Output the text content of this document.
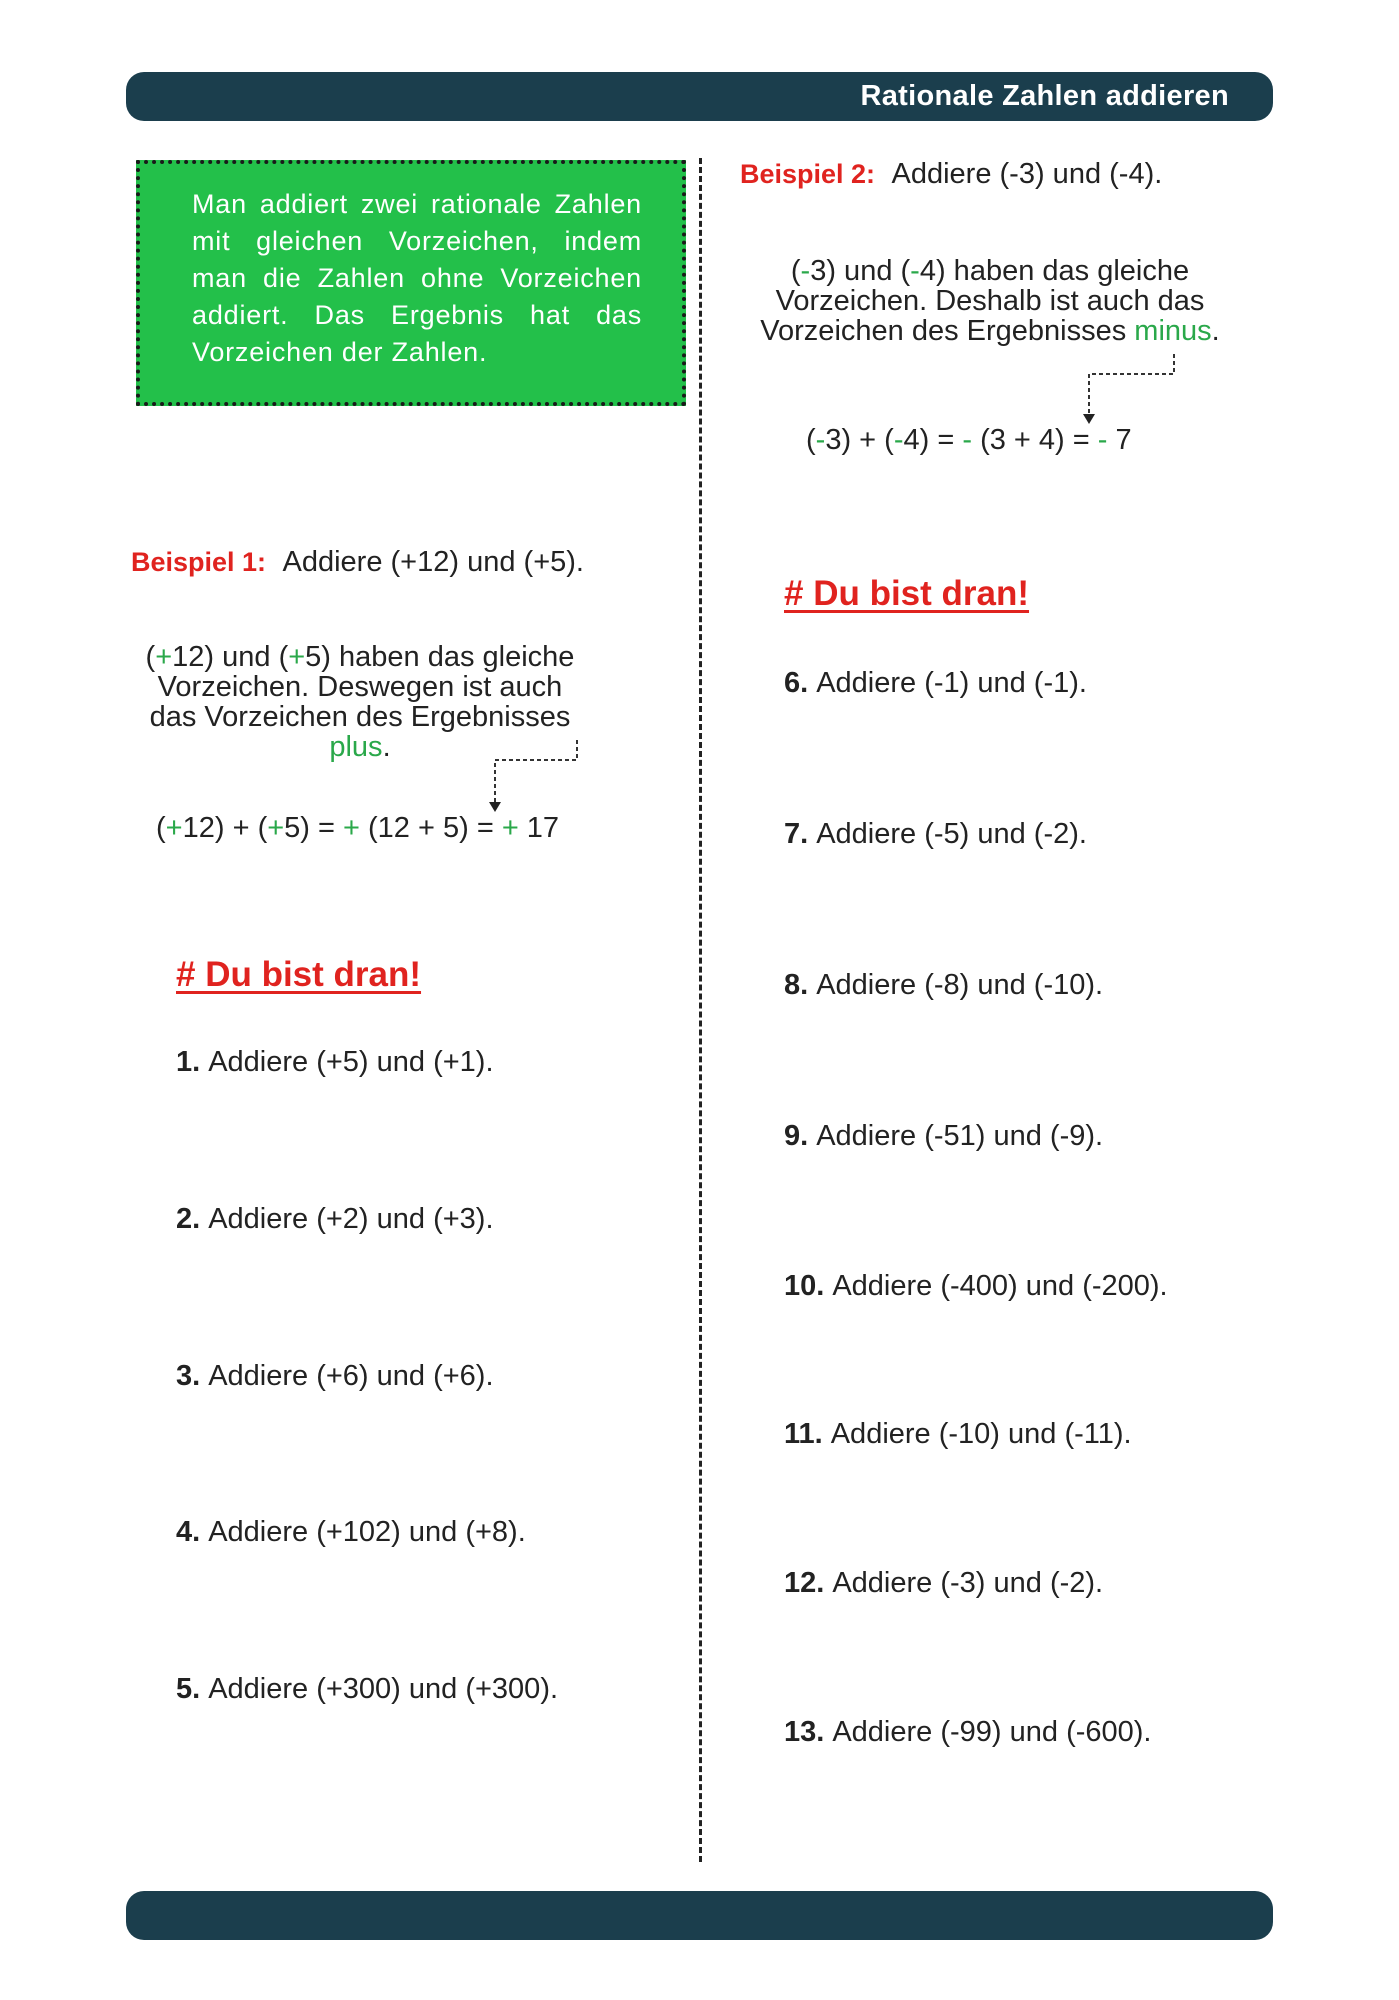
Rationale Zahlen addieren
Man addiert zwei rationale Zahlen mit gleichen Vorzeichen, indem man die Zahlen ohne Vorzeichen addiert. Das Ergebnis hat das Vorzeichen der Zahlen.
Beispiel 1: Addiere (+12) und (+5).
(+12) und (+5) haben das gleiche
Vorzeichen. Deswegen ist auch
das Vorzeichen des Ergebnisses plus.
(+12) + (+5) = + (12 + 5) = + 17
Beispiel 2: Addiere (-3) und (-4).
(-3) und (-4) haben das gleiche
Vorzeichen. Deshalb ist auch das
Vorzeichen des Ergebnisses minus.
(-3) + (-4) = - (3 + 4) = - 7
# Du bist dran!
# Du bist dran!
1. Addiere (+5) und (+1).
2. Addiere (+2) und (+3).
3. Addiere (+6) und (+6).
4. Addiere (+102) und (+8).
5. Addiere (+300) und (+300).
6. Addiere (-1) und (-1).
7. Addiere (-5) und (-2).
8. Addiere (-8) und (-10).
9. Addiere (-51) und (-9).
10. Addiere (-400) und (-200).
11. Addiere (-10) und (-11).
12. Addiere (-3) und (-2).
13. Addiere (-99) und (-600).
